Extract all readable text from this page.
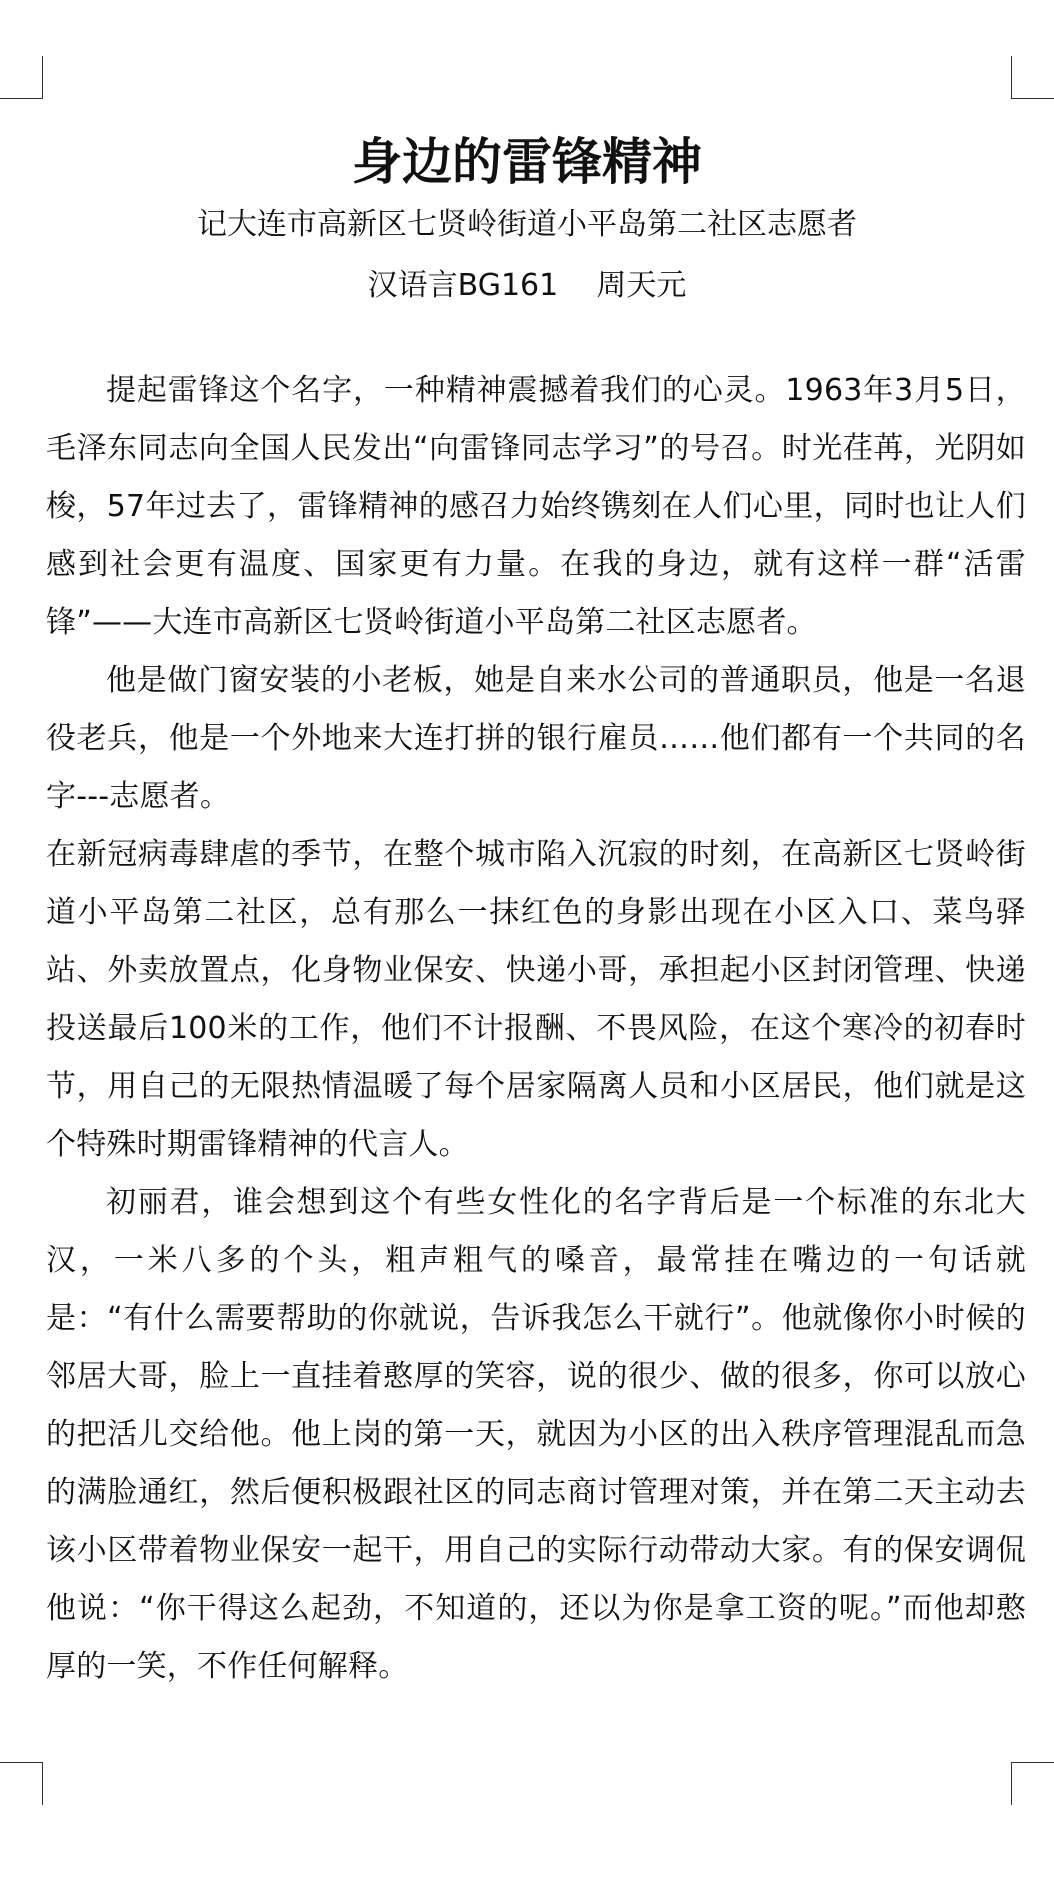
身边的雷锋精神
记大连市高新区七贤岭街道小平岛第二社区志愿者
汉语言BG161    周天元

提起雷锋这个名字，一种精神震撼着我们的心灵。1963年3月5日，毛泽东同志向全国人民发出“向雷锋同志学习”的号召。时光荏苒，光阴如梭，57年过去了，雷锋精神的感召力始终镌刻在人们心里，同时也让人们感到社会更有温度、国家更有力量。在我的身边，就有这样一群“活雷锋”——大连市高新区七贤岭街道小平岛第二社区志愿者。

他是做门窗安装的小老板，她是自来水公司的普通职员，他是一名退役老兵，他是一个外地来大连打拼的银行雇员……他们都有一个共同的名字---志愿者。

在新冠病毒肆虐的季节，在整个城市陷入沉寂的时刻，在高新区七贤岭街道小平岛第二社区，总有那么一抹红色的身影出现在小区入口、菜鸟驿站、外卖放置点，化身物业保安、快递小哥，承担起小区封闭管理、快递投送最后100米的工作，他们不计报酬、不畏风险，在这个寒冷的初春时节，用自己的无限热情温暖了每个居家隔离人员和小区居民，他们就是这个特殊时期雷锋精神的代言人。

初丽君，谁会想到这个有些女性化的名字背后是一个标准的东北大汉，一米八多的个头，粗声粗气的嗓音，最常挂在嘴边的一句话就是：“有什么需要帮助的你就说，告诉我怎么干就行”。他就像你小时候的邻居大哥，脸上一直挂着憨厚的笑容，说的很少、做的很多，你可以放心的把活儿交给他。他上岗的第一天，就因为小区的出入秩序管理混乱而急的满脸通红，然后便积极跟社区的同志商讨管理对策，并在第二天主动去该小区带着物业保安一起干，用自己的实际行动带动大家。有的保安调侃他说：“你干得这么起劲，不知道的，还以为你是拿工资的呢。”而他却憨厚的一笑，不作任何解释。
